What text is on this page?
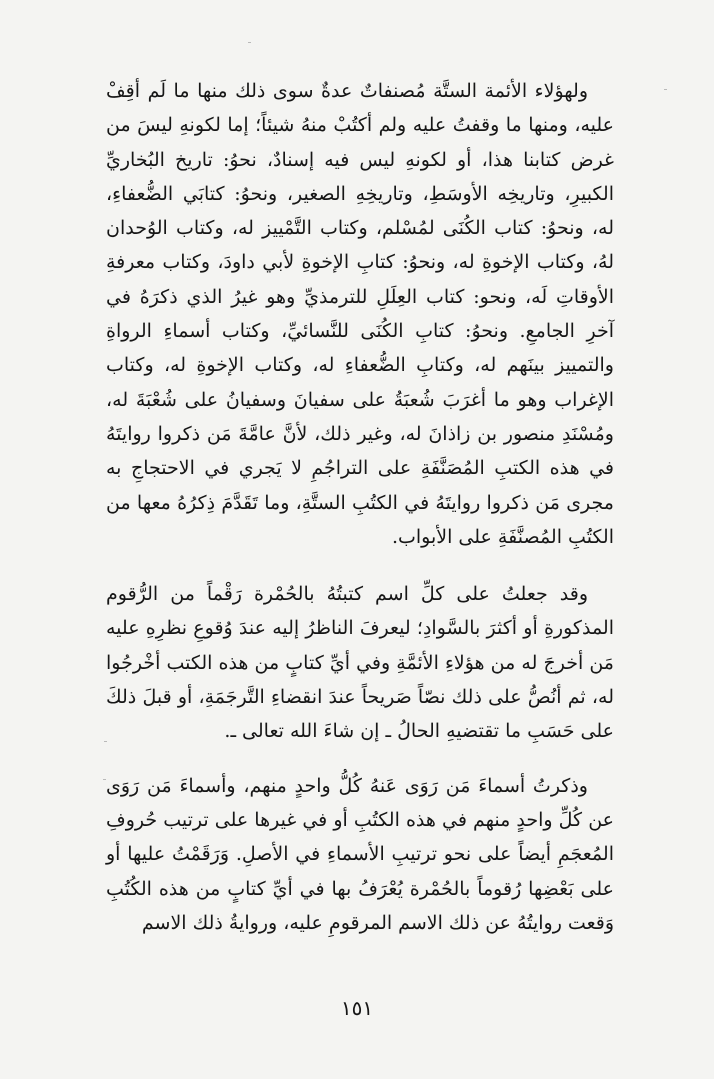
ولهؤلاء الأئمة الستَّة مُصنفاتٌ عدةٌ سوى ذلك منها ما لَم أقِفْ عليه، ومنها ما وقفتُ عليه ولم أكتُبْ منهُ شيئاً؛ إما لكونهِ ليسَ من غرض كتابنا هذا، أو لكونهِ ليس فيه إسنادٌ، نحوُ: تاريخ البُخاريِّ الكبيرِ، وتاريخِه الأوسَطِ، وتاريخِهِ الصغير، ونحوُ: كتابَي الضُّعفاءِ، له، ونحوُ: كتاب الكُنَى لمُسْلم، وكتاب التَّمْييز له، وكتاب الوُحدان لهُ، وكتاب الإخوةِ له، ونحوُ: كتابِ الإخوةِ لأبي داودَ، وكتاب معرفةِ الأوقاتِ لَه، ونحو: كتاب العِلَلِ للترمذيِّ وهو غيرُ الذي ذكرَهُ في آخرِ الجامعِ. ونحوُ: كتابِ الكُنَى للنَّسائيِّ، وكتاب أسماءِ الرواةِ والتمييز بينَهم له، وكتابِ الضُّعفاءِ له، وكتاب الإخوةِ له، وكتاب الإغراب وهو ما أغرَبَ شُعبَةُ على سفيانَ وسفيانُ على شُعْبَةَ له، ومُسْنَدِ منصور بن زاذانَ له، وغير ذلك، لأنَّ عامَّةَ مَن ذكروا روايتَهُ في هذه الكتبِ المُصَنَّفَةِ على التراجُمِ لا يَجري في الاحتجاجِ به مجرى مَن ذكروا روايتَهُ في الكتُبِ الستَّةِ، وما تَقَدَّمَ ذِكرُهُ معها من الكتُبِ المُصنَّفَةِ على الأبواب.

وقد جعلتُ على كلِّ اسم كتبتُهُ بالحُمْرة رَقْماً من الرُّقوم المذكورةِ أو أكثرَ بالسَّوادِ؛ ليعرفَ الناظرُ إليه عندَ وُقوعِ نظرِهِ عليه مَن أخرجَ له من هؤلاءِ الأئمَّةِ وفي أيِّ كتابٍ من هذه الكتب أخْرجُوا له، ثم أنُصُّ على ذلك نصّاً صَريحاً عندَ انقضاءِ التَّرجَمَةِ، أو قبلَ ذلكَ على حَسَبِ ما تقتضيهِ الحالُ ـ إن شاءَ الله تعالى ـ.

وذكرتُ أسماءَ مَن رَوَى عَنهُ كُلُّ واحدٍ منهم، وأسماءَ مَن رَوَى عن كُلِّ واحدٍ منهم في هذه الكتُبِ أو في غيرها على ترتيب حُروفِ المُعجَمِ أيضاً على نحو ترتيبِ الأسماءِ في الأصلِ. وَرَقَمْتُ عليها أو على بَعْضِها رُقوماً بالحُمْرة يُعْرَفُ بها في أيِّ كتابٍ من هذه الكُتُبِ وَقعت روايتُهُ عن ذلك الاسم المرقومِ عليه، وروايةُ ذلك الاسم

١٥١
